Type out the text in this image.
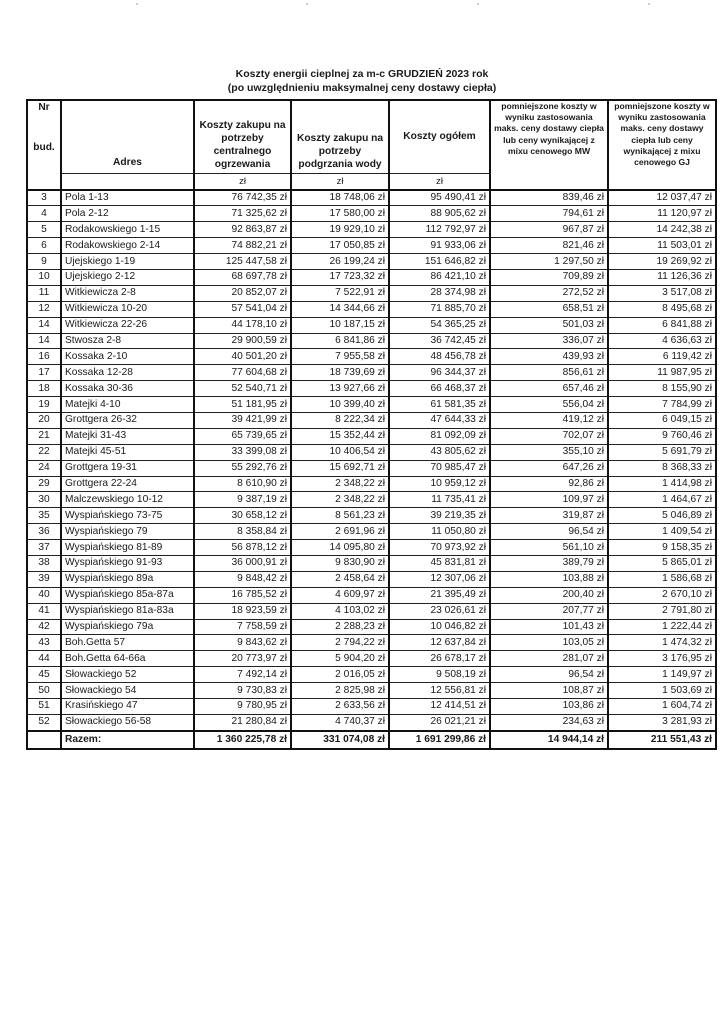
Koszty energii cieplnej za m-c GRUDZIEŃ 2023 rok
(po uwzględnieniu maksymalnej ceny dostawy ciepła)
Nr
bud.	Adres	Koszty zakupu na potrzeby centralnego ogrzewania	Koszty zakupu na potrzeby podgrzania wody	Koszty ogółem	pomniejszone koszty w wyniku zastosowania maks. ceny dostawy ciepła lub ceny wynikającej z mixu cenowego MW	pomniejszone koszty w wyniku zastosowania maks. ceny dostawy ciepła lub ceny wynikającej z mixu cenowego GJ
		zł	zł	zł		
3	Pola 1-13	76 742,35 zł	18 748,06 zł	95 490,41 zł	839,46 zł	12 037,47 zł
4	Pola 2-12	71 325,62 zł	17 580,00 zł	88 905,62 zł	794,61 zł	11 120,97 zł
5	Rodakowskiego 1-15	92 863,87 zł	19 929,10 zł	112 792,97 zł	967,87 zł	14 242,38 zł
6	Rodakowskiego 2-14	74 882,21 zł	17 050,85 zł	91 933,06 zł	821,46 zł	11 503,01 zł
9	Ujejskiego 1-19	125 447,58 zł	26 199,24 zł	151 646,82 zł	1 297,50 zł	19 269,92 zł
10	Ujejskiego 2-12	68 697,78 zł	17 723,32 zł	86 421,10 zł	709,89 zł	11 126,36 zł
11	Witkiewicza 2-8	20 852,07 zł	7 522,91 zł	28 374,98 zł	272,52 zł	3 517,08 zł
12	Witkiewicza 10-20	57 541,04 zł	14 344,66 zł	71 885,70 zł	658,51 zł	8 495,68 zł
14	Witkiewicza 22-26	44 178,10 zł	10 187,15 zł	54 365,25 zł	501,03 zł	6 841,88 zł
14	Stwosza 2-8	29 900,59 zł	6 841,86 zł	36 742,45 zł	336,07 zł	4 636,63 zł
16	Kossaka 2-10	40 501,20 zł	7 955,58 zł	48 456,78 zł	439,93 zł	6 119,42 zł
17	Kossaka 12-28	77 604,68 zł	18 739,69 zł	96 344,37 zł	856,61 zł	11 987,95 zł
18	Kossaka 30-36	52 540,71 zł	13 927,66 zł	66 468,37 zł	657,46 zł	8 155,90 zł
19	Matejki 4-10	51 181,95 zł	10 399,40 zł	61 581,35 zł	556,04 zł	7 784,99 zł
20	Grottgera 26-32	39 421,99 zł	8 222,34 zł	47 644,33 zł	419,12 zł	6 049,15 zł
21	Matejki 31-43	65 739,65 zł	15 352,44 zł	81 092,09 zł	702,07 zł	9 760,46 zł
22	Matejki 45-51	33 399,08 zł	10 406,54 zł	43 805,62 zł	355,10 zł	5 691,79 zł
24	Grottgera 19-31	55 292,76 zł	15 692,71 zł	70 985,47 zł	647,26 zł	8 368,33 zł
29	Grottgera 22-24	8 610,90 zł	2 348,22 zł	10 959,12 zł	92,86 zł	1 414,98 zł
30	Malczewskiego 10-12	9 387,19 zł	2 348,22 zł	11 735,41 zł	109,97 zł	1 464,67 zł
35	Wyspiańskiego 73-75	30 658,12 zł	8 561,23 zł	39 219,35 zł	319,87 zł	5 046,89 zł
36	Wyspiańskiego 79	8 358,84 zł	2 691,96 zł	11 050,80 zł	96,54 zł	1 409,54 zł
37	Wyspiańskiego 81-89	56 878,12 zł	14 095,80 zł	70 973,92 zł	561,10 zł	9 158,35 zł
38	Wyspiańskiego 91-93	36 000,91 zł	9 830,90 zł	45 831,81 zł	389,79 zł	5 865,01 zł
39	Wyspiańskiego 89a	9 848,42 zł	2 458,64 zł	12 307,06 zł	103,88 zł	1 586,68 zł
40	Wyspiańskiego 85a-87a	16 785,52 zł	4 609,97 zł	21 395,49 zł	200,40 zł	2 670,10 zł
41	Wyspiańskiego 81a-83a	18 923,59 zł	4 103,02 zł	23 026,61 zł	207,77 zł	2 791,80 zł
42	Wyspiańskiego 79a	7 758,59 zł	2 288,23 zł	10 046,82 zł	101,43 zł	1 222,44 zł
43	Boh.Getta 57	9 843,62 zł	2 794,22 zł	12 637,84 zł	103,05 zł	1 474,32 zł
44	Boh.Getta 64-66a	20 773,97 zł	5 904,20 zł	26 678,17 zł	281,07 zł	3 176,95 zł
45	Słowackiego 52	7 492,14 zł	2 016,05 zł	9 508,19 zł	96,54 zł	1 149,97 zł
50	Słowackiego 54	9 730,83 zł	2 825,98 zł	12 556,81 zł	108,87 zł	1 503,69 zł
51	Krasińskiego 47	9 780,95 zł	2 633,56 zł	12 414,51 zł	103,86 zł	1 604,74 zł
52	Słowackiego 56-58	21 280,84 zł	4 740,37 zł	26 021,21 zł	234,63 zł	3 281,93 zł
	Razem:	1 360 225,78 zł	331 074,08 zł	1 691 299,86 zł	14 944,14 zł	211 551,43 zł
